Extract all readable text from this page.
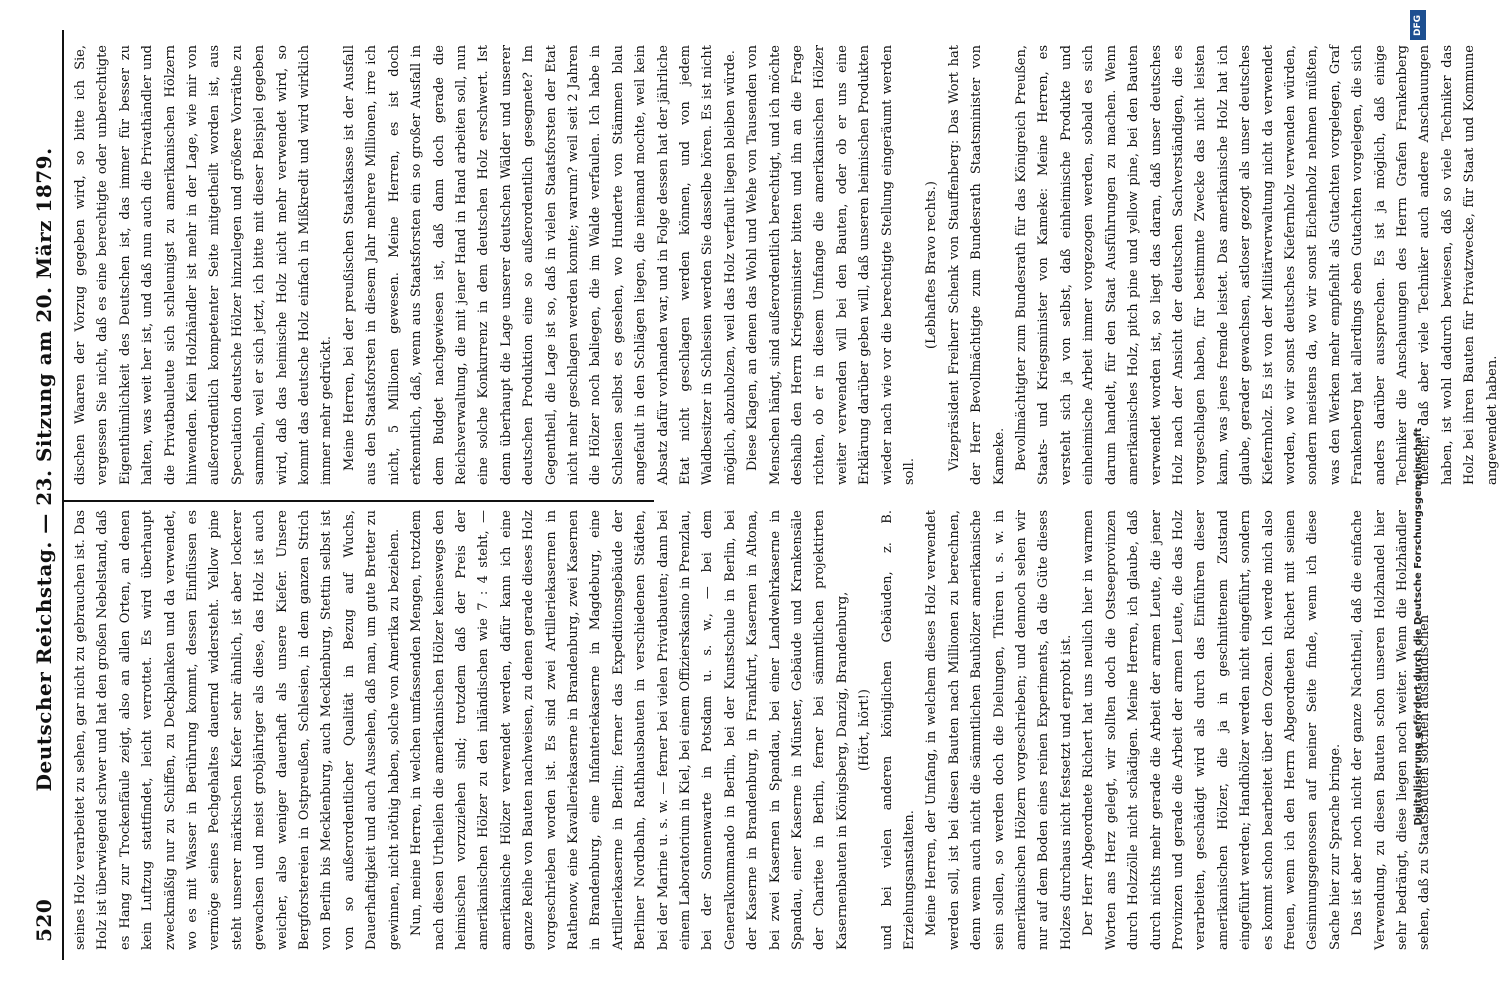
520
Deutscher Reichstag. — 23. Sitzung am 20. März 1879. seines Holz verarbeitet zu sehen, gar nicht zu gebrauchen ist. Das Holz ist überwiegend schwer und hat den großen Nebelstand, daß es Hang zur Trockenfäule zeigt, also an allen Orten, an denen kein Luftzug stattfindet, leicht verrottet. Es wird überhaupt zweckmäßig nur zu Schiffen, zu Deckplanken und da verwendet, wo es mit Wasser in Berührung kommt, dessen Einflüssen es vermöge seines Pechgehaltes dauernd widersteht. Yellow pine steht unserer märkischen Kiefer sehr ähnlich, ist aber lockerer gewachsen und meist grobjähriger als diese, das Holz ist auch weicher, also weniger dauerhaft als unsere Kiefer. Unsere Bergforstereien in Ostpreußen, Schlesien, in dem ganzen Strich von Berlin bis Mecklenburg, auch Mecklenburg, Stettin selbst ist von so außerordentlicher Qualität in Bezug auf Wuchs, Dauerhaftigkeit und auch Aussehen, daß man, um gute Bretter zu gewinnen, nicht nöthig haben, solche von Amerika zu beziehen. Nun, meine Herren, in welchen umfassenden Mengen, trotzdem nach diesen Urtheilen die amerikanischen Hölzer keineswegs den heimischen vorzuziehen sind; trotzdem daß der Preis der amerikanischen Hölzer zu den inländischen wie 7 : 4 steht, — amerikanische Hölzer verwendet werden, dafür kann ich eine ganze Reihe von Bauten nachweisen, zu denen gerade dieses Holz vorgeschrieben worden ist. Es sind zwei Artilleriekasernen in Rathenow, eine Kavalleriekaserne in Brandenburg, zwei Kasernen in Brandenburg, eine Infanteriekaserne in Magdeburg, eine Artilleriekaserne in Berlin; ferner das Expeditionsgebäude der Berliner Nordbahn, Rathhausbauten in verschiedenen Städten, bei der Marine u. s. w. — ferner bei vielen Privatbauten; dann bei einem Laboratorium in Kiel, bei einem Offizierskasino in Prenzlau, bei der Sonnenwarte in Potsdam u. s. w., — bei dem Generalkommando in Berlin, bei der Kunstschule in Berlin, bei der Kaserne in Brandenburg, in Frankfurt, Kasernen in Altona, bei zwei Kasernen in Spandau, bei einer Landwehrkaserne in Spandau, einer Kaserne in Münster, Gebäude und Krankensäle der Charitee in Berlin, ferner bei sämmtlichen projektirten Kasernenbauten in Königsberg, Danzig, Brandenburg, (Hört, hört!) und bei vielen anderen königlichen Gebäuden, z. B. Erziehungsanstalten. Meine Herren, der Umfang, in welchem dieses Holz verwendet werden soll, ist bei diesen Bauten nach Millionen zu berechnen, denn wenn auch nicht die sämmtlichen Bauhölzer amerikanische sein sollen, so werden doch die Dielungen, Thüren u. s. w. in amerikanischen Hölzern vorgeschrieben; und dennoch sehen wir nur auf dem Boden eines reinen Experiments, da die Güte dieses Holzes durchaus nicht festsetzt und erprobt ist. Der Herr Abgeordnete Richert hat uns neulich hier in warmen Worten ans Herz gelegt, wir sollten doch die Ostseeprovinzen durch Holzzölle nicht schädigen. Meine Herren, ich glaube, daß durch nichts mehr gerade die Arbeit der armen Leute, die jener Provinzen und gerade die Arbeit der armen Leute, die das Holz verarbeiten, geschädigt wird als durch das Einführen dieser amerikanischen Hölzer, die ja in geschnittenem Zustand eingeführt werden; Handhölzer werden nicht eingeführt, sondern es kommt schon bearbeitet über den Ozean. Ich werde mich also freuen, wenn ich den Herrn Abgeordneten Richert mit seinen Gesinnungsgenossen auf meiner Seite finde, wenn ich diese Sache hier zur Sprache bringe. Das ist aber noch nicht der ganze Nachtheil, daß die einfache Verwendung, zu diesen Bauten schon unseren Holzhandel hier sehr bedrängt, diese liegen noch weiter. Wenn die Holzhändler sehen, daß zu Staatsbauten solchen ausländischen

dischen Waaren der Vorzug gegeben wird, so bitte ich Sie, vergessen Sie nicht, daß es eine berechtigte oder unberechtigte Eigenthümlichkeit des Deutschen ist, das immer für besser zu halten, was weit her ist, und daß nun auch die Privathändler und die Privatbauleute sich schleunigst zu amerikanischen Hölzern hinwenden. Kein Holzhändler ist mehr in der Lage, wie mir von außerordentlich kompetenter Seite mitgetheilt worden ist, aus Speculation deutsche Hölzer hinzulegen und größere Vorräthe zu sammeln, weil er sich jetzt, ich bitte mit dieser Beispiel gegeben wird, daß das heimische Holz nicht mehr verwendet wird, so kommt das deutsche Holz einfach in Mißkredit und wird wirklich immer mehr gedrückt. Meine Herren, bei der preußischen Staatskasse ist der Ausfall aus den Staatsforsten in diesem Jahr mehrere Millionen, irre ich nicht, 5 Millionen gewesen. Meine Herren, es ist doch erkenntlich, daß, wenn aus Staatsforsten ein so großer Ausfall in dem Budget nachgewiesen ist, daß dann doch gerade die Reichsverwaltung, die mit jener Hand in Hand arbeiten soll, nun eine solche Konkurrenz in dem deutschen Holz erschwert. Ist denn überhaupt die Lage unserer deutschen Wälder und unserer deutschen Produktion eine so außerordentlich gesegnete? Im Gegentheil, die Lage ist so, daß in vielen Staatsforsten der Etat nicht mehr geschlagen werden konnte; warum? weil seit 2 Jahren die Hölzer noch baliegen, die im Walde verfaulen. Ich habe in Schlesien selbst es gesehen, wo Hunderte von Stämmen blau angefault in den Schlägen liegen, die niemand mochte, weil kein Absatz dafür vorhanden war, und in Folge dessen hat der jährliche Etat nicht geschlagen werden können, und von jedem Waldbesitzer in Schlesien werden Sie dasselbe hören. Es ist nicht möglich, abzuholzen, weil das Holz verfault liegen bleiben würde. Diese Klagen, an denen das Wohl und Wehe von Tausenden von Menschen hängt, sind außerordentlich berechtigt, und ich möchte deshalb den Herrn Kriegsminister bitten und ihn an die Frage richten, ob er in diesem Umfange die amerikanischen Hölzer weiter verwenden will bei den Bauten, oder ob er uns eine Erklärung darüber geben will, daß unseren heimischen Produkten wieder nach wie vor die berechtigte Stellung eingeräumt werden soll.

(Lebhaftes Bravo rechts.) Vizepräsident Freiherr Schenk von Stauffenberg: Das Wort hat der Herr Bevollmächtigte zum Bundesrath Staatsminister von Kameke. Bevollmächtigter zum Bundesrath für das Königreich Preußen, Staats- und Kriegsminister von Kameke: Meine Herren, es versteht sich ja von selbst, daß einheimische Produkte und einheimische Arbeit immer vorgezogen werden, sobald es sich darum handelt, für den Staat Ausführungen zu machen. Wenn amerikanisches Holz, pitch pine und yellow pine, bei den Bauten verwendet worden ist, so liegt das daran, daß unser deutsches Holz nach der Ansicht der deutschen Sachverständigen, die es vorgeschlagen haben, für bestimmte Zwecke das nicht leisten kann, was jenes fremde leistet. Das amerikanische Holz hat ich glaube, gerader gewachsen, astloser gezogt als unser deutsches Kiefernholz. Es ist von der Militärverwaltung nicht da verwendet worden, wo wir sonst deutsches Kiefernholz verwenden würden, sondern meistens da, wo wir sonst Eichenholz nehmen müßten, was den Werken mehr empfiehlt als Gutachten vorgelegen, Graf Frankenberg hat allerdings eben Gutachten vorgelegen, die sich anders darüber aussprechen. Es ist ja möglich, daß einige Techniker die Anschauungen des Herrn Grafen Frankenberg theilen; daß aber viele Techniker auch andere Anschauungen haben, ist wohl dadurch bewiesen, daß so viele Techniker das Holz bei ihren Bauten für Privatzwecke, für Staat und Kommune angewendet haben.

DFG
Digitalisierung gefördert durch die Deutsche Forschungsgemeinschaft -
